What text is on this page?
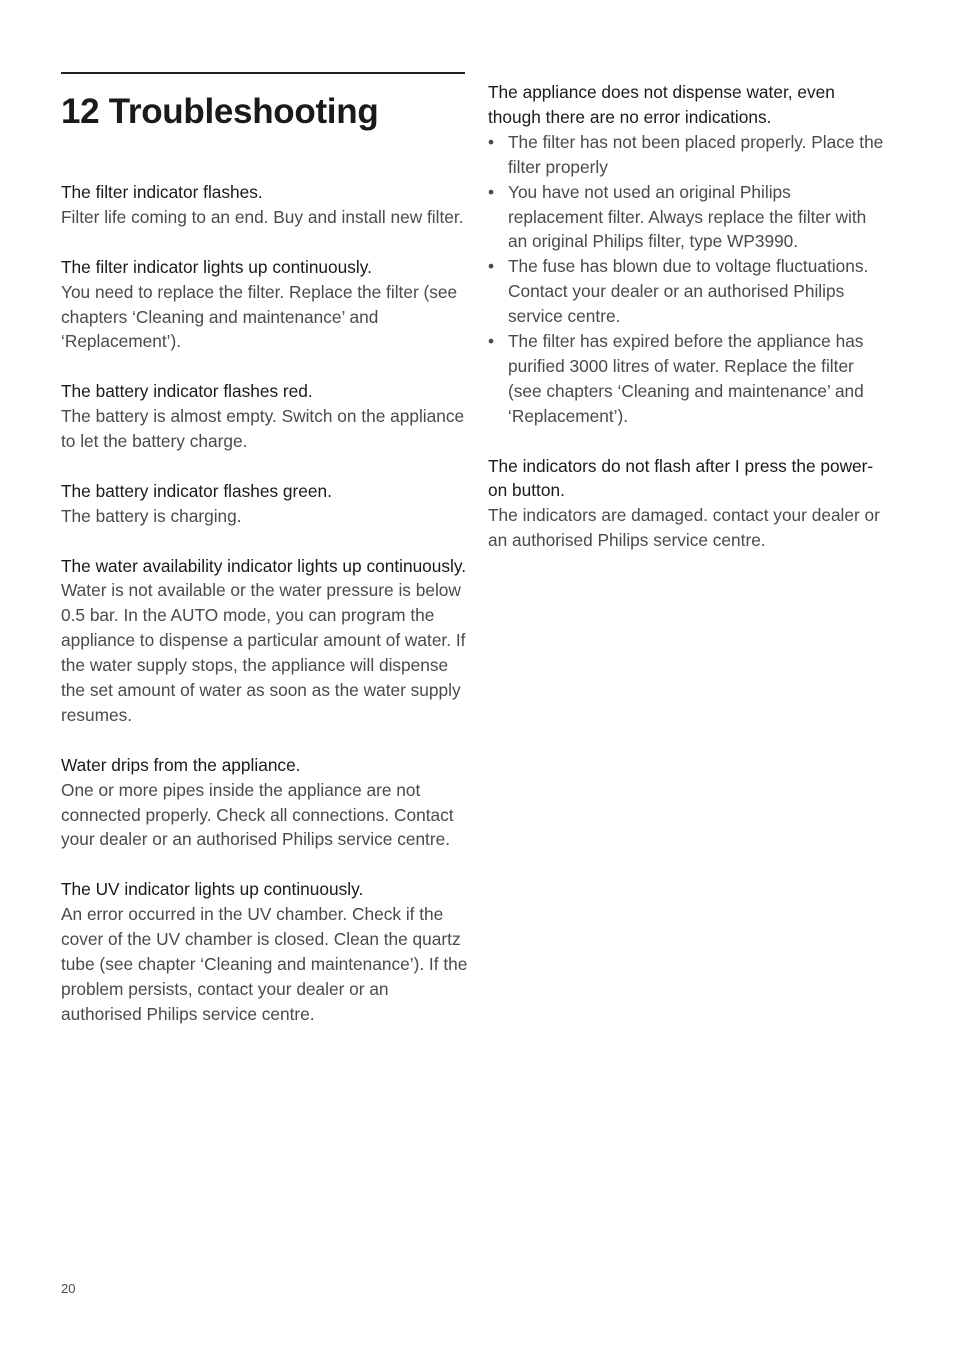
12 Troubleshooting
The filter indicator flashes.
Filter life coming to an end. Buy and install new filter.
The filter indicator lights up continuously.
You need to replace the filter. Replace the filter (see chapters ‘Cleaning and maintenance’ and ‘Replacement’).
The battery indicator flashes red.
The battery is almost empty. Switch on the appliance to let the battery charge.
The battery indicator flashes green.
The battery is charging.
The water availability indicator lights up continuously.
Water is not available or the water pressure is below 0.5 bar. In the AUTO mode, you can program the appliance to dispense a particular amount of water. If the water supply stops, the appliance will dispense the set amount of water as soon as the water supply resumes.
Water drips from the appliance.
One or more pipes inside the appliance are not connected properly. Check all connections. Contact your dealer or an authorised Philips service centre.
The UV indicator lights up continuously.
An error occurred in the UV chamber. Check if the cover of the UV chamber is closed. Clean the quartz tube (see chapter ‘Cleaning and maintenance’). If the problem persists, contact your dealer or an authorised Philips service centre.
The appliance does not dispense water, even though there are no error indications.
• The filter has not been placed properly. Place the filter properly
• You have not used an original Philips replacement filter. Always replace the filter with an original Philips filter, type WP3990.
• The fuse has blown due to voltage fluctuations. Contact your dealer or an authorised Philips service centre.
• The filter has expired before the appliance has purified 3000 litres of water. Replace the filter (see chapters ‘Cleaning and maintenance’ and ‘Replacement’).
The indicators do not flash after I press the power-on button.
The indicators are damaged. contact your dealer or an authorised Philips service centre.
20
